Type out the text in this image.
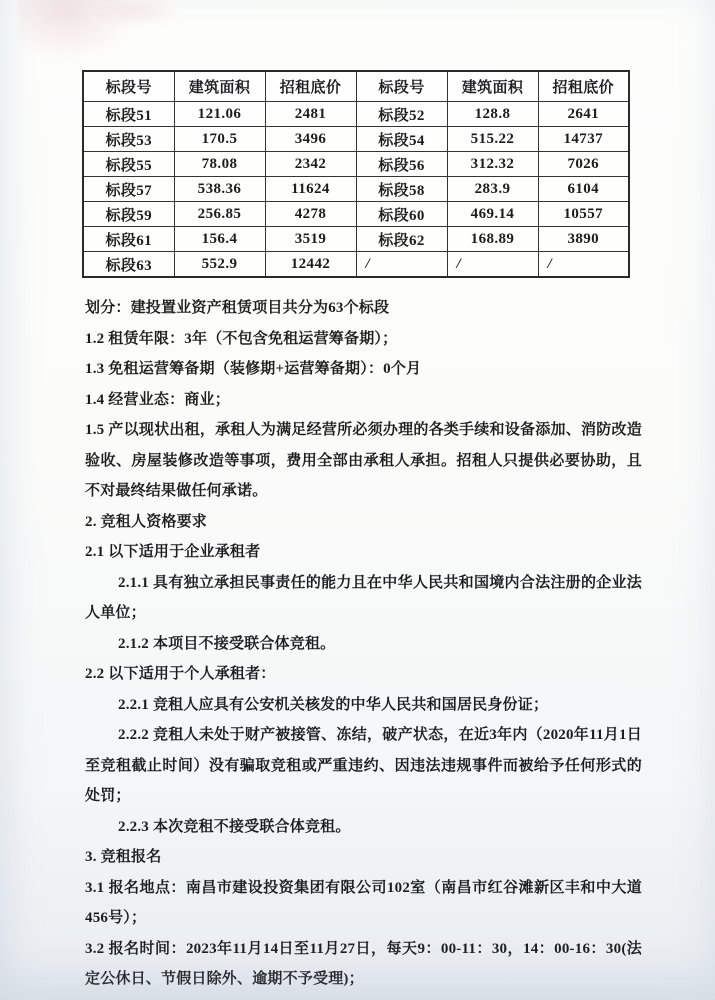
标段号	建筑面积	招租底价	标段号	建筑面积	招租底价
标段51	121.06	2481	标段52	128.8	2641
标段53	170.5	3496	标段54	515.22	14737
标段55	78.08	2342	标段56	312.32	7026
标段57	538.36	11624	标段58	283.9	6104
标段59	256.85	4278	标段60	469.14	10557
标段61	156.4	3519	标段62	168.89	3890
标段63	552.9	12442	/	/	/

划分：建投置业资产租赁项目共分为63个标段

1.2 租赁年限：3年（不包含免租运营筹备期）；

1.3 免租运营筹备期（装修期+运营筹备期）：0个月

1.4 经营业态：商业；

1.5 产以现状出租，承租人为满足经营所必须办理的各类手续和设备添加、消防改造验收、房屋装修改造等事项，费用全部由承租人承担。招租人只提供必要协助，且不对最终结果做任何承诺。

2. 竞租人资格要求

2.1 以下适用于企业承租者

2.1.1 具有独立承担民事责任的能力且在中华人民共和国境内合法注册的企业法人单位；

2.1.2 本项目不接受联合体竞租。

2.2 以下适用于个人承租者：

2.2.1 竞租人应具有公安机关核发的中华人民共和国居民身份证；

2.2.2 竞租人未处于财产被接管、冻结，破产状态，在近3年内（2020年11月1日至竞租截止时间）没有骗取竞租或严重违约、因违法违规事件而被给予任何形式的处罚；

2.2.3 本次竞租不接受联合体竞租。

3. 竞租报名

3.1 报名地点：南昌市建设投资集团有限公司102室（南昌市红谷滩新区丰和中大道456号）；

3.2 报名时间：2023年11月14日至11月27日，每天9：00-11：30，14：00-16：30(法定公休日、节假日除外、逾期不予受理)；
